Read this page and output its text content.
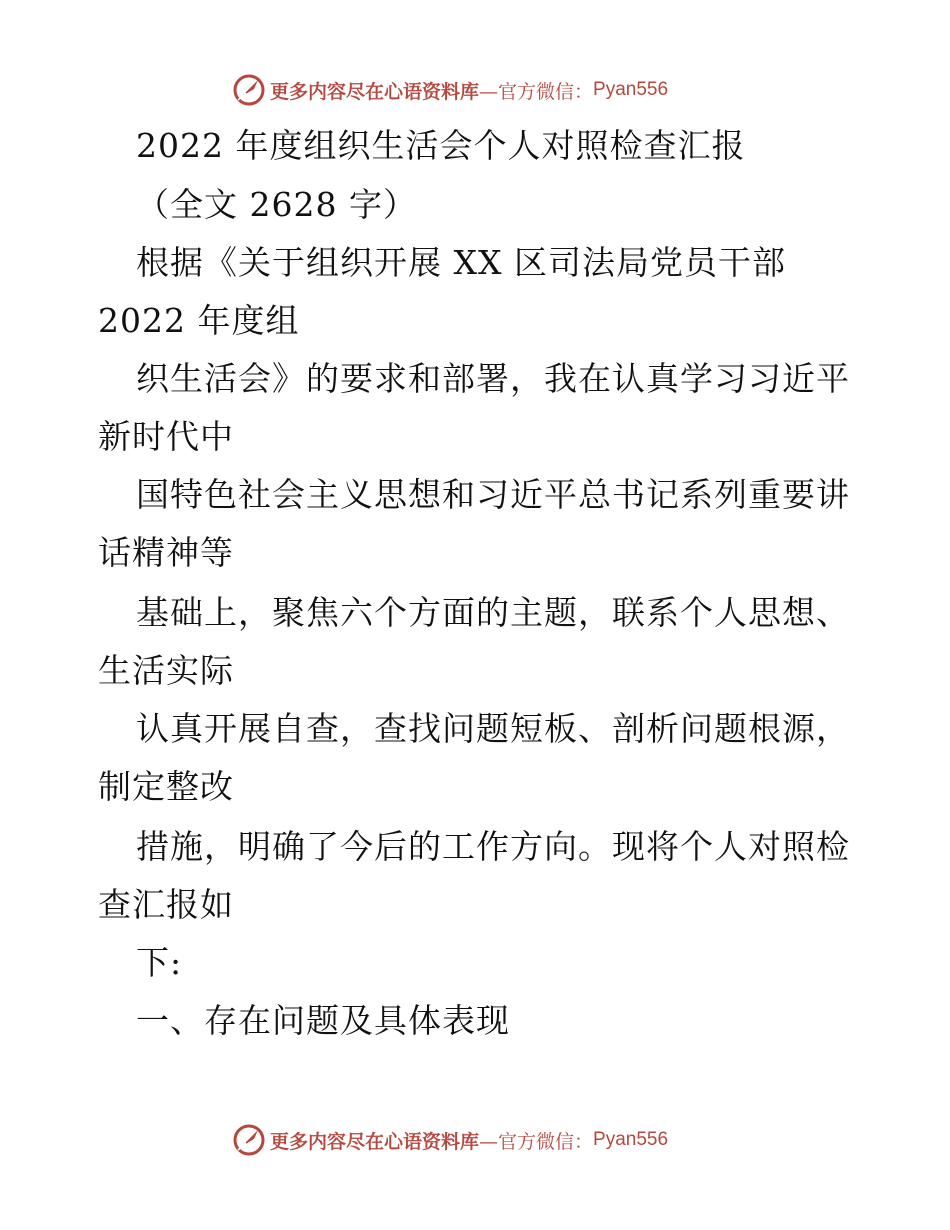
更多内容尽在心语资料库 —官方微信： Pyan556
2022 年度组织生活会个人对照检查汇报
（全文 2628 字）
根据《关于组织开展 XX 区司法局党员干部
2022 年度组
织生活会》的要求和部署，我在认真学习习近平
新时代中
国特色社会主义思想和习近平总书记系列重要讲
话精神等
基础上，聚焦六个方面的主题，联系个人思想、
生活实际
认真开展自查，查找问题短板、剖析问题根源，
制定整改
措施，明确了今后的工作方向。现将个人对照检
查汇报如
下:
一、存在问题及具体表现
更多内容尽在心语资料库 —官方微信： Pyan556
